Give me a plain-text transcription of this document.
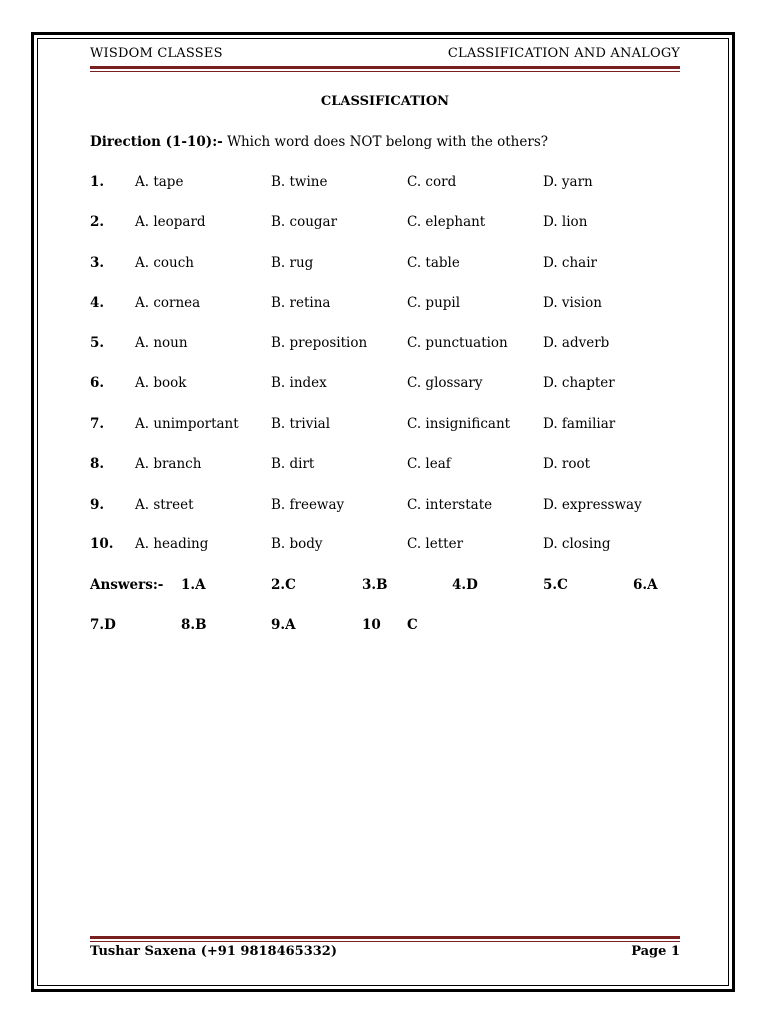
WISDOM CLASSES	CLASSIFICATION AND ANALOGY
CLASSIFICATION
Direction (1-10):- Which word does NOT belong with the others?
1. A. tape	B. twine	C. cord	D. yarn
2. A. leopard	B. cougar	C. elephant	D. lion
3. A. couch	B. rug	C. table	D. chair
4. A. cornea	B. retina	C. pupil	D. vision
5. A. noun	B. preposition	C. punctuation	D. adverb
6. A. book	B. index	C. glossary	D. chapter
7. A. unimportant B. trivial	C. insignificant D. familiar
8. A. branch	B. dirt	C. leaf	D. root
9. A. street	B. freeway	C. interstate	D. expressway
10. A. heading	B. body	C. letter	D. closing
Answers:- 1.A	2.C	3.B	4.D	5.C	6.A
7.D	8.B	9.A	10 C
Tushar Saxena (+91 9818465332)	Page 1
